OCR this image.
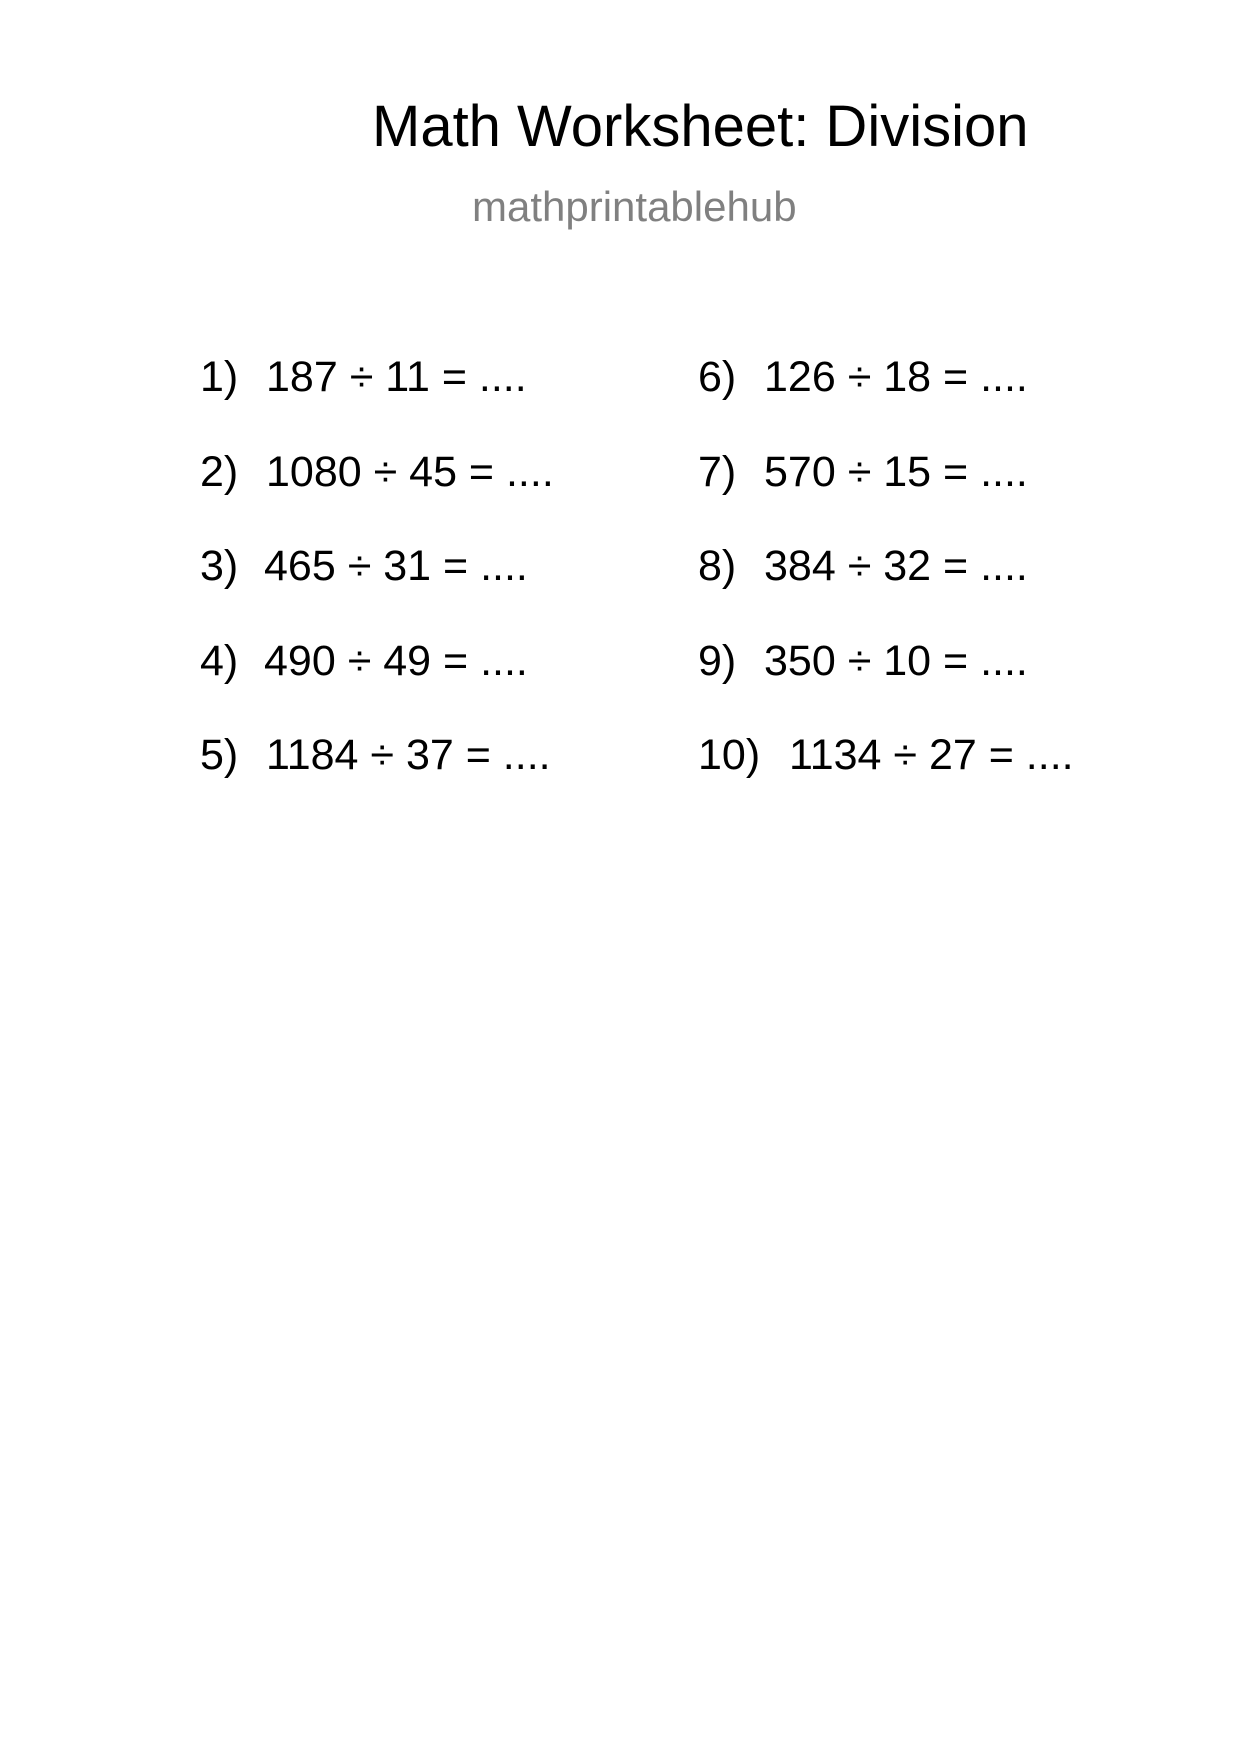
Math Worksheet: Division
mathprintablehub
1) 187 ÷ 11 = ....
2) 1080 ÷ 45 = ....
3) 465 ÷ 31 = ....
4) 490 ÷ 49 = ....
5) 1184 ÷ 37 = ....
6) 126 ÷ 18 = ....
7) 570 ÷ 15 = ....
8) 384 ÷ 32 = ....
9) 350 ÷ 10 = ....
10) 1134 ÷ 27 = ....
